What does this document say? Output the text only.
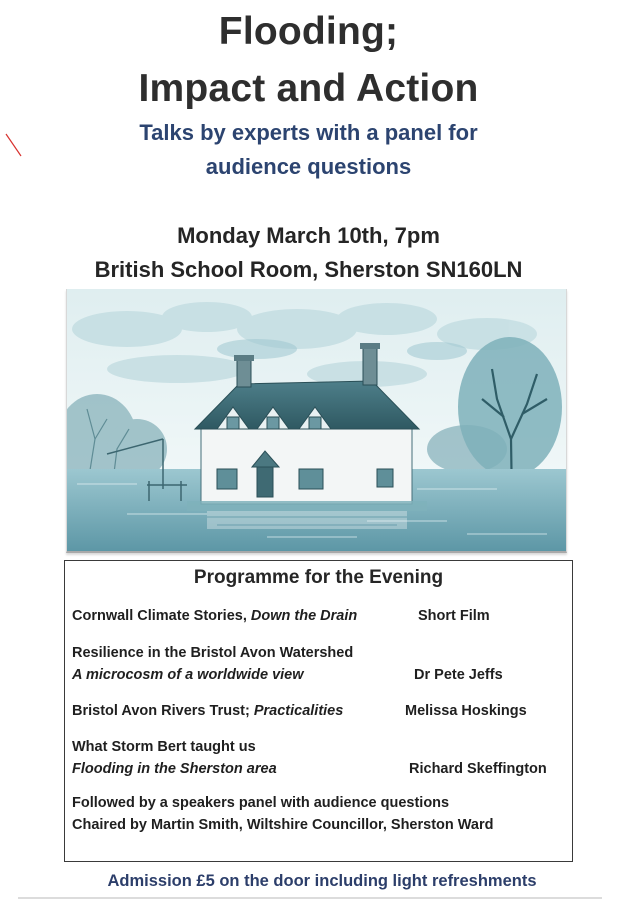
Flooding;
Impact and Action
Talks by experts with a panel for
audience questions
Monday March 10th, 7pm
British School Room, Sherston SN160LN
Programme for the Evening
Cornwall Climate Stories, Down the Drain	Short Film
Resilience in the Bristol Avon Watershed
A microcosm of a worldwide view	Dr Pete Jeffs
Bristol Avon Rivers Trust; Practicalities	Melissa Hoskings
What Storm Bert taught us
Flooding in the Sherston area	Richard Skeffington
Followed by a speakers panel with audience questions
Chaired by Martin Smith, Wiltshire Councillor, Sherston Ward
Admission £5 on the door including light refreshments
